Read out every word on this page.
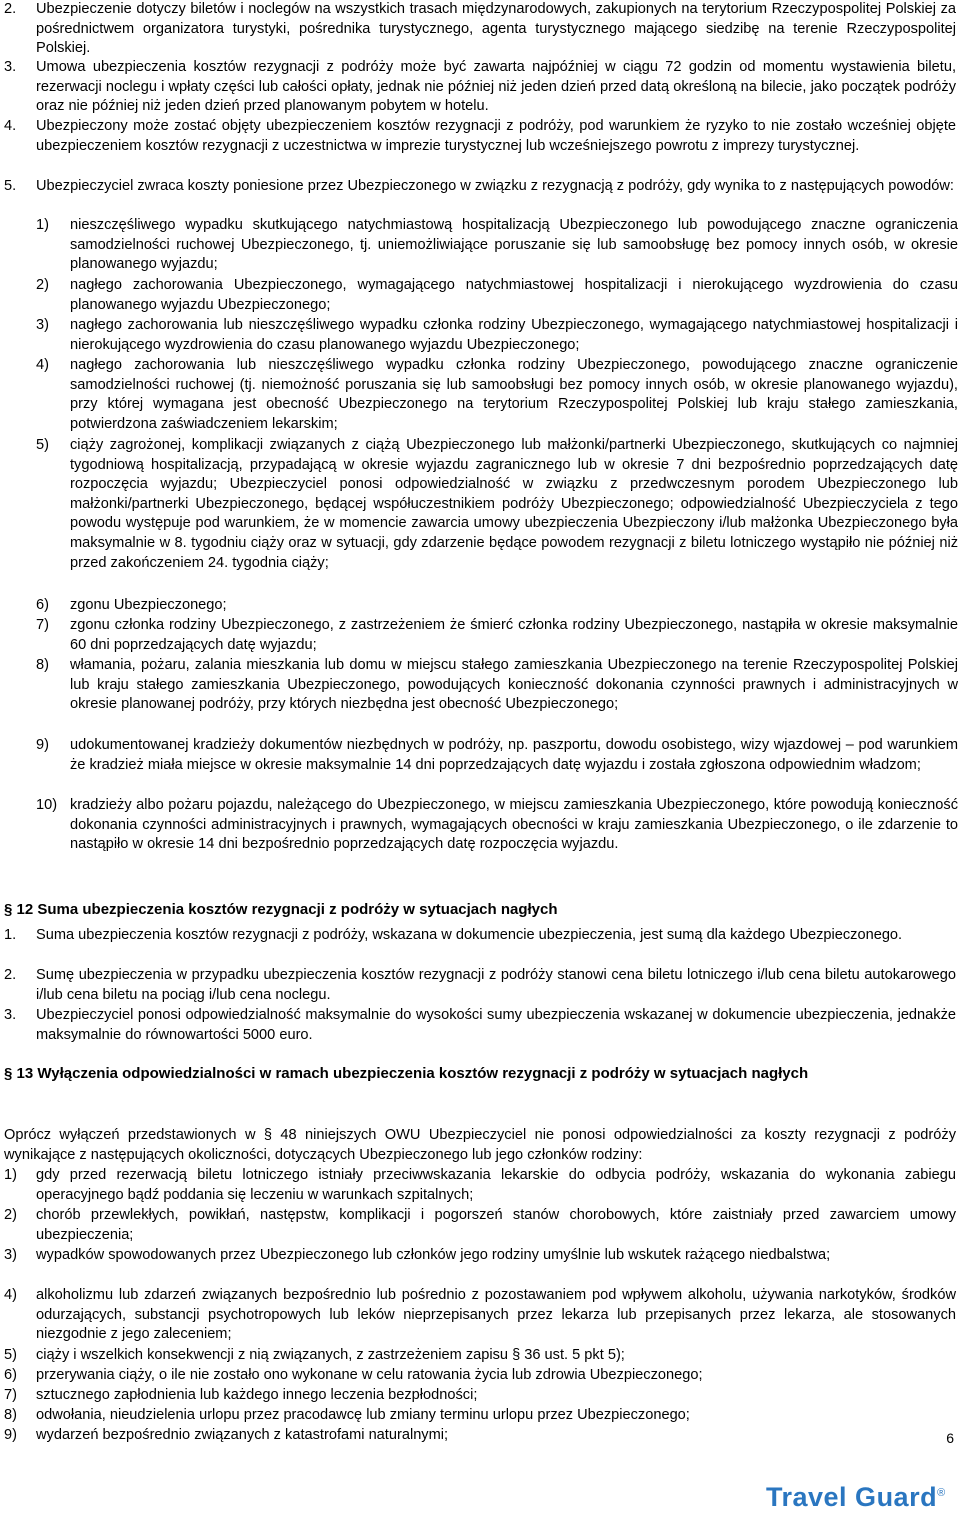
2. Ubezpieczenie dotyczy biletów i noclegów na wszystkich trasach międzynarodowych, zakupionych na terytorium Rzeczypospolitej Polskiej za pośrednictwem organizatora turystyki, pośrednika turystycznego, agenta turystycznego mającego siedzibę na terenie Rzeczypospolitej Polskiej.
3. Umowa ubezpieczenia kosztów rezygnacji z podróży może być zawarta najpóźniej w ciągu 72 godzin od momentu wystawienia biletu, rezerwacji noclegu i wpłaty części lub całości opłaty, jednak nie później niż jeden dzień przed datą określoną na bilecie, jako początek podróży oraz nie później niż jeden dzień przed planowanym pobytem w hotelu.
4. Ubezpieczony może zostać objęty ubezpieczeniem kosztów rezygnacji z podróży, pod warunkiem że ryzyko to nie zostało wcześniej objęte ubezpieczeniem kosztów rezygnacji z uczestnictwa w imprezie turystycznej lub wcześniejszego powrotu z imprezy turystycznej.
5. Ubezpieczyciel zwraca koszty poniesione przez Ubezpieczonego w związku z rezygnacją z podróży, gdy wynika to z następujących powodów:
1) nieszczęśliwego wypadku skutkującego natychmiastową hospitalizacją Ubezpieczonego lub powodującego znaczne ograniczenia samodzielności ruchowej Ubezpieczonego, tj. uniemożliwiające poruszanie się lub samoobsługę bez pomocy innych osób, w okresie planowanego wyjazdu;
2) nagłego zachorowania Ubezpieczonego, wymagającego natychmiastowej hospitalizacji i nierokującego wyzdrowienia do czasu planowanego wyjazdu Ubezpieczonego;
3) nagłego zachorowania lub nieszczęśliwego wypadku członka rodziny Ubezpieczonego, wymagającego natychmiastowej hospitalizacji i nierokującego wyzdrowienia do czasu planowanego wyjazdu Ubezpieczonego;
4) nagłego zachorowania lub nieszczęśliwego wypadku członka rodziny Ubezpieczonego, powodującego znaczne ograniczenie samodzielności ruchowej (tj. niemożność poruszania się lub samoobsługi bez pomocy innych osób, w okresie planowanego wyjazdu), przy której wymagana jest obecność Ubezpieczonego na terytorium Rzeczypospolitej Polskiej lub kraju stałego zamieszkania, potwierdzona zaświadczeniem lekarskim;
5) ciąży zagrożonej, komplikacji związanych z ciążą Ubezpieczonego lub małżonki/partnerki Ubezpieczonego, skutkujących co najmniej tygodniową hospitalizacją, przypadającą w okresie wyjazdu zagranicznego lub w okresie 7 dni bezpośrednio poprzedzających datę rozpoczęcia wyjazdu; Ubezpieczyciel ponosi odpowiedzialność w związku z przedwczesnym porodem Ubezpieczonego lub małżonki/partnerki Ubezpieczonego, będącej współuczestnikiem podróży Ubezpieczonego; odpowiedzialność Ubezpieczyciela z tego powodu występuje pod warunkiem, że w momencie zawarcia umowy ubezpieczenia Ubezpieczony i/lub małżonka Ubezpieczonego była maksymalnie w 8. tygodniu ciąży oraz w sytuacji, gdy zdarzenie będące powodem rezygnacji z biletu lotniczego wystąpiło nie później niż przed zakończeniem 24. tygodnia ciąży;
6) zgonu Ubezpieczonego;
7) zgonu członka rodziny Ubezpieczonego, z zastrzeżeniem że śmierć członka rodziny Ubezpieczonego, nastąpiła w okresie maksymalnie 60 dni poprzedzających datę wyjazdu;
8) włamania, pożaru, zalania mieszkania lub domu w miejscu stałego zamieszkania Ubezpieczonego na terenie Rzeczypospolitej Polskiej lub kraju stałego zamieszkania Ubezpieczonego, powodujących konieczność dokonania czynności prawnych i administracyjnych w okresie planowanej podróży, przy których niezbędna jest obecność Ubezpieczonego;
9) udokumentowanej kradzieży dokumentów niezbędnych w podróży, np. paszportu, dowodu osobistego, wizy wjazdowej – pod warunkiem że kradzież miała miejsce w okresie maksymalnie 14 dni poprzedzających datę wyjazdu i została zgłoszona odpowiednim władzom;
10) kradzieży albo pożaru pojazdu, należącego do Ubezpieczonego, w miejscu zamieszkania Ubezpieczonego, które powodują konieczność dokonania czynności administracyjnych i prawnych, wymagających obecności w kraju zamieszkania Ubezpieczonego, o ile zdarzenie to nastąpiło w okresie 14 dni bezpośrednio poprzedzających datę rozpoczęcia wyjazdu.
§ 12 Suma ubezpieczenia kosztów rezygnacji z podróży w sytuacjach nagłych
1. Suma ubezpieczenia kosztów rezygnacji z podróży, wskazana w dokumencie ubezpieczenia, jest sumą dla każdego Ubezpieczonego.
2. Sumę ubezpieczenia w przypadku ubezpieczenia kosztów rezygnacji z podróży stanowi cena biletu lotniczego i/lub cena biletu autokarowego i/lub cena biletu na pociąg i/lub cena noclegu.
3. Ubezpieczyciel ponosi odpowiedzialność maksymalnie do wysokości sumy ubezpieczenia wskazanej w dokumencie ubezpieczenia, jednakże maksymalnie do równowartości 5000 euro.
§ 13 Wyłączenia odpowiedzialności w ramach ubezpieczenia kosztów rezygnacji z podróży w sytuacjach nagłych
Oprócz wyłączeń przedstawionych w § 48 niniejszych OWU Ubezpieczyciel nie ponosi odpowiedzialności za koszty rezygnacji z podróży wynikające z następujących okoliczności, dotyczących Ubezpieczonego lub jego członków rodziny:
1) gdy przed rezerwacją biletu lotniczego istniały przeciwwskazania lekarskie do odbycia podróży, wskazania do wykonania zabiegu operacyjnego bądź poddania się leczeniu w warunkach szpitalnych;
2) chorób przewlekłych, powikłań, następstw, komplikacji i pogorszeń stanów chorobowych, które zaistniały przed zawarciem umowy ubezpieczenia;
3) wypadków spowodowanych przez Ubezpieczonego lub członków jego rodziny umyślnie lub wskutek rażącego niedbalstwa;
4) alkoholizmu lub zdarzeń związanych bezpośrednio lub pośrednio z pozostawaniem pod wpływem alkoholu, używania narkotyków, środków odurzających, substancji psychotropowych lub leków nieprzepisanych przez lekarza lub przepisanych przez lekarza, ale stosowanych niezgodnie z jego zaleceniem;
5) ciąży i wszelkich konsekwencji z nią związanych, z zastrzeżeniem zapisu § 36 ust. 5 pkt 5);
6) przerywania ciąży, o ile nie zostało ono wykonane w celu ratowania życia lub zdrowia Ubezpieczonego;
7) sztucznego zapłodnienia lub każdego innego leczenia bezpłodności;
8) odwołania, nieudzielenia urlopu przez pracodawcę lub zmiany terminu urlopu przez Ubezpieczonego;
9) wydarzeń bezpośrednio związanych z katastrofami naturalnymi;	6
Travel Guard®
